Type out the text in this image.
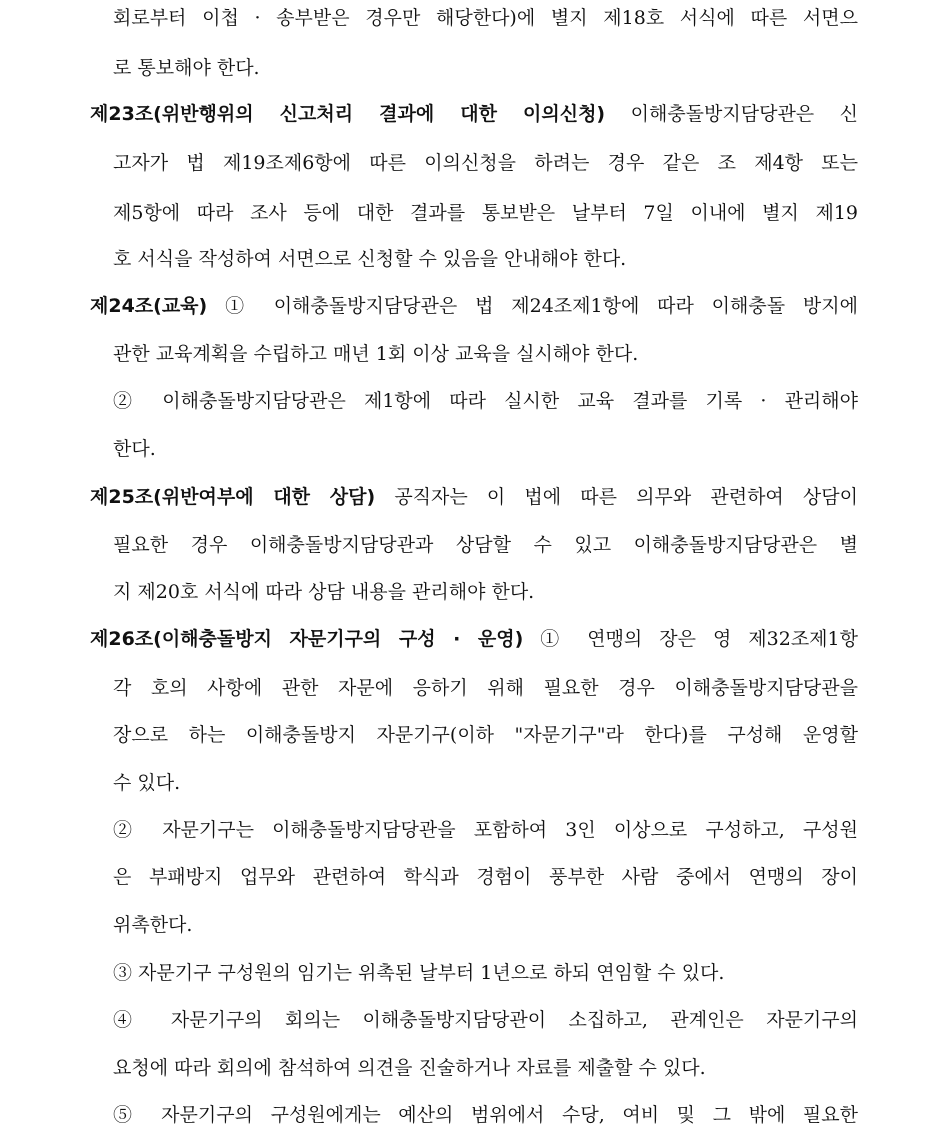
회로부터 이첩 · 송부받은 경우만 해당한다)에 별지 제18호 서식에 따른 서면으
로 통보해야 한다.
제23조(위반행위의 신고처리 결과에 대한 이의신청) 이해충돌방지담당관은 신
고자가 법 제19조제6항에 따른 이의신청을 하려는 경우 같은 조 제4항 또는
제5항에 따라 조사 등에 대한 결과를 통보받은 날부터 7일 이내에 별지 제19
호 서식을 작성하여 서면으로 신청할 수 있음을 안내해야 한다.
제24조(교육) ① 이해충돌방지담당관은 법 제24조제1항에 따라 이해충돌 방지에
관한 교육계획을 수립하고 매년 1회 이상 교육을 실시해야 한다.
② 이해충돌방지담당관은 제1항에 따라 실시한 교육 결과를 기록 · 관리해야
한다.
제25조(위반여부에 대한 상담) 공직자는 이 법에 따른 의무와 관련하여 상담이
필요한 경우 이해충돌방지담당관과 상담할 수 있고 이해충돌방지담당관은 별
지 제20호 서식에 따라 상담 내용을 관리해야 한다.
제26조(이해충돌방지 자문기구의 구성 · 운영) ① 연맹의 장은 영 제32조제1항
각 호의 사항에 관한 자문에 응하기 위해 필요한 경우 이해충돌방지담당관을
장으로 하는 이해충돌방지 자문기구(이하 "자문기구"라 한다)를 구성해 운영할
수 있다.
② 자문기구는 이해충돌방지담당관을 포함하여 3인 이상으로 구성하고, 구성원
은 부패방지 업무와 관련하여 학식과 경험이 풍부한 사람 중에서 연맹의 장이
위촉한다.
③ 자문기구 구성원의 임기는 위촉된 날부터 1년으로 하되 연임할 수 있다.
④ 자문기구의 회의는 이해충돌방지담당관이 소집하고, 관계인은 자문기구의
요청에 따라 회의에 참석하여 의견을 진술하거나 자료를 제출할 수 있다.
⑤ 자문기구의 구성원에게는 예산의 범위에서 수당, 여비 및 그 밖에 필요한
